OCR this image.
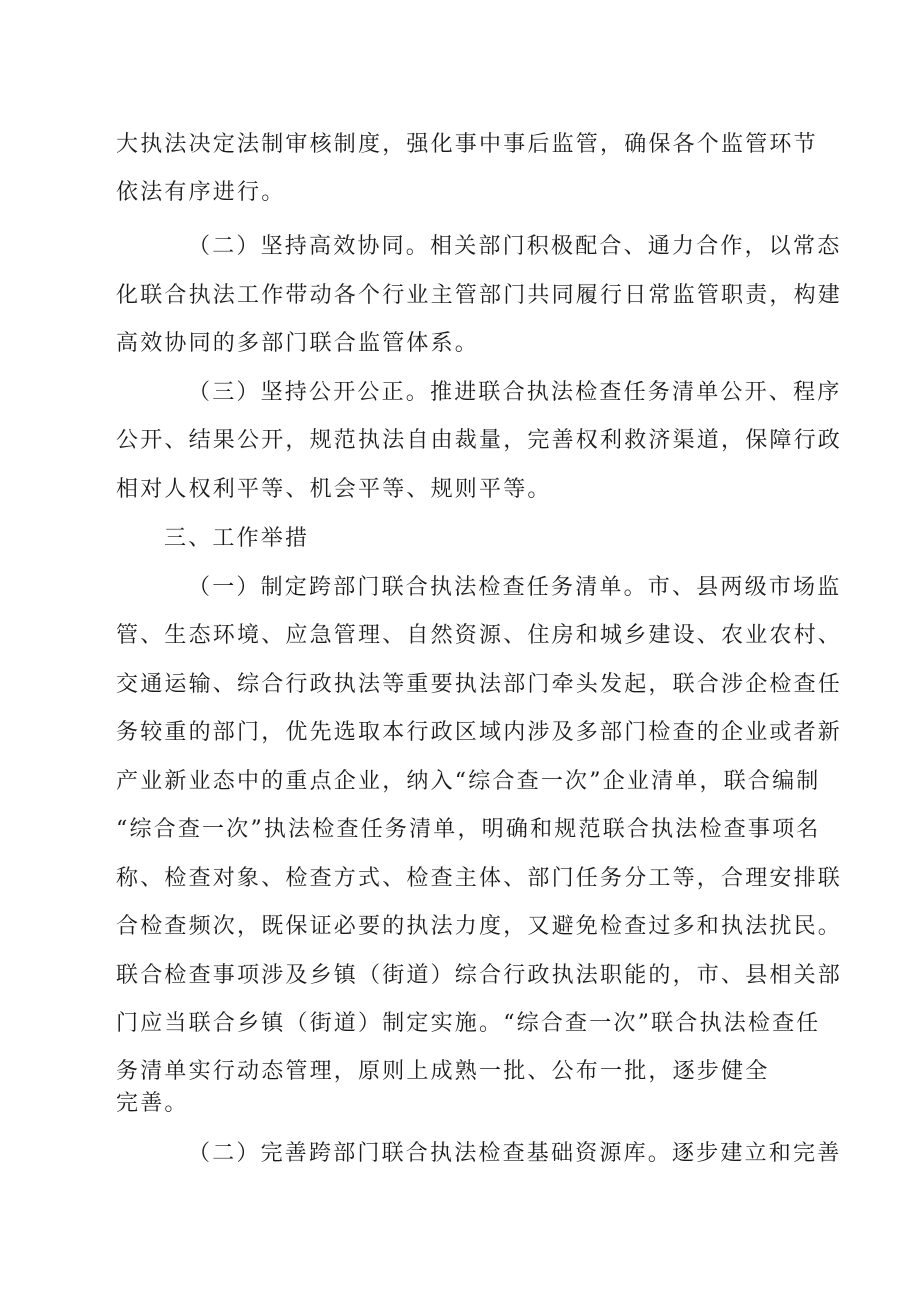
大执法决定法制审核制度，强化事中事后监管，确保各个监管环节

依法有序进行。

（二）坚持高效协同。相关部门积极配合、通力合作，以常态

化联合执法工作带动各个行业主管部门共同履行日常监管职责，构建

高效协同的多部门联合监管体系。

（三）坚持公开公正。推进联合执法检查任务清单公开、程序

公开、结果公开，规范执法自由裁量，完善权利救济渠道，保障行政

相对人权利平等、机会平等、规则平等。

三、工作举措

（一）制定跨部门联合执法检查任务清单。市、县两级市场监

管、生态环境、应急管理、自然资源、住房和城乡建设、农业农村、

交通运输、综合行政执法等重要执法部门牵头发起，联合涉企检查任

务较重的部门，优先选取本行政区域内涉及多部门检查的企业或者新

产业新业态中的重点企业，纳入“综合查一次”企业清单，联合编制

“综合查一次”执法检查任务清单，明确和规范联合执法检查事项名

称、检查对象、检查方式、检查主体、部门任务分工等，合理安排联

合检查频次，既保证必要的执法力度，又避免检查过多和执法扰民。

联合检查事项涉及乡镇（街道）综合行政执法职能的，市、县相关部

门应当联合乡镇（街道）制定实施。“综合查一次”联合执法检查任

务清单实行动态管理，原则上成熟一批、公布一批，逐步健全

完善。

（二）完善跨部门联合执法检查基础资源库。逐步建立和完善
